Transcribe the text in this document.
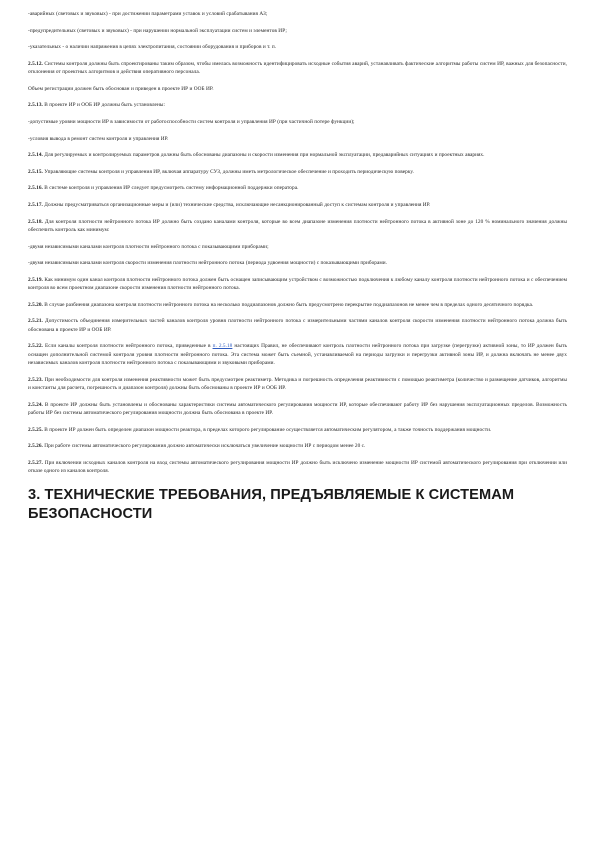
-аварийных (световых и звуковых) - при достижении параметрами уставок и условий срабатывания АЗ;

-предупредительных (световых и звуковых) - при нарушении нормальной эксплуатации систем и элементов ИР;

-указательных - о наличии напряжения в цепях электропитания, состоянии оборудования и приборов и т. п.

2.5.12. Системы контроля должны быть спроектированы таким образом, чтобы имелась возможность идентифицировать исходные события аварий, устанавливать фактические алгоритмы работы систем ИР, важных для безопасности, отклонения от проектных алгоритмов и действия оперативного персонала.

Объем регистрации должен быть обоснован и приведен в проекте ИР и ООБ ИР.

2.5.13. В проекте ИР и ООБ ИР должны быть установлены:

-допустимые уровни мощности ИР в зависимости от работоспособности систем контроля и управления ИР (при частичной потере функции);

-условия вывода в ремонт систем контроля и управления ИР.

2.5.14. Для регулируемых и контролируемых параметров должны быть обоснованы диапазоны и скорости изменения при нормальной эксплуатации, предаварийных ситуациях и проектных авариях.

2.5.15. Управляющие системы контроля и управления ИР, включая аппаратуру СУЗ, должны иметь метрологическое обеспечение и проходить периодическую поверку.

2.5.16. В системе контроля и управления ИР следует предусмотреть систему информационной поддержки оператора.

2.5.17. Должны предусматриваться организационные меры и (или) технические средства, исключающие несанкционированный доступ к системам контроля и управления ИР.

2.5.18. Для контроля плотности нейтронного потока ИР должно быть создано каналами контроля, которые во всем диапазоне изменения плотности нейтронного потока в активной зоне до 120 % номинального значения должны обеспечить контроль как минимум:

-двумя независимыми каналами контроля плотности нейтронного потока с показывающими приборами;

-двумя независимыми каналами контроля скорости изменения плотности нейтронного потока (периода удвоения мощности) с показывающими приборами.

2.5.19. Как минимум один канал контроля плотности нейтронного потока должен быть оснащен записывающим устройством с возможностью подключения к любому каналу контроля плотности нейтронного потока и с обеспечением контроля во всем проектном диапазоне скорости изменения плотности нейтронного потока.

2.5.20. В случае разбиения диапазона контроля плотности нейтронного потока на несколько поддиапазонов должно быть предусмотрено перекрытие поддиапазонов не менее чем в пределах одного десятичного порядка.

2.5.21. Допустимость объединения измерительных частей каналов контроля уровня плотности нейтронного потока с измерительными частями каналов контроля скорости изменения плотности нейтронного потока должна быть обоснована в проекте ИР и ООБ ИР.

2.5.22. Если каналы контроля плотности нейтронного потока, приведенные в п. 2.5.18 настоящих Правил, не обеспечивают контроль плотности нейтронного потока при загрузке (перегрузке) активной зоны, то ИР должен быть оснащен дополнительной системой контроля уровня плотности нейтронного потока. Эта система может быть съемной, устанавливаемой на периоды загрузки и перегрузки активной зоны ИР, и должна включать не менее двух независимых каналов контроля плотности нейтронного потока с показывающими и звуковыми приборами.

2.5.23. При необходимости для контроля изменения реактивности может быть предусмотрен реактиметр. Методика и погрешность определения реактивности с помощью реактиметра (количество и размещение датчиков, алгоритмы и константы для расчета, погрешность и диапазон контроля) должны быть обоснованы в проекте ИР и ООБ ИР.

2.5.24. В проекте ИР должны быть установлены и обоснованы характеристики системы автоматического регулирования мощности ИР, которые обеспечивают работу ИР без нарушения эксплуатационных пределов. Возможность работы ИР без системы автоматического регулирования мощности должна быть обоснована в проекте ИР.

2.5.25. В проекте ИР должен быть определен диапазон мощности реактора, в пределах которого регулирование осуществляется автоматическим регулятором, а также точность поддержания мощности.

2.5.26. При работе системы автоматического регулирования должно автоматически исключаться увеличение мощности ИР с периодом менее 20 с.

2.5.27. При включении исходных каналов контроля на вход системы автоматического регулирования мощности ИР должно быть исключено изменение мощности ИР системой автоматического регулирования при отключении или отказе одного из каналов контроля.

3. ТЕХНИЧЕСКИЕ ТРЕБОВАНИЯ, ПРЕДЪЯВЛЯЕМЫЕ К СИСТЕМАМ БЕЗОПАСНОСТИ
